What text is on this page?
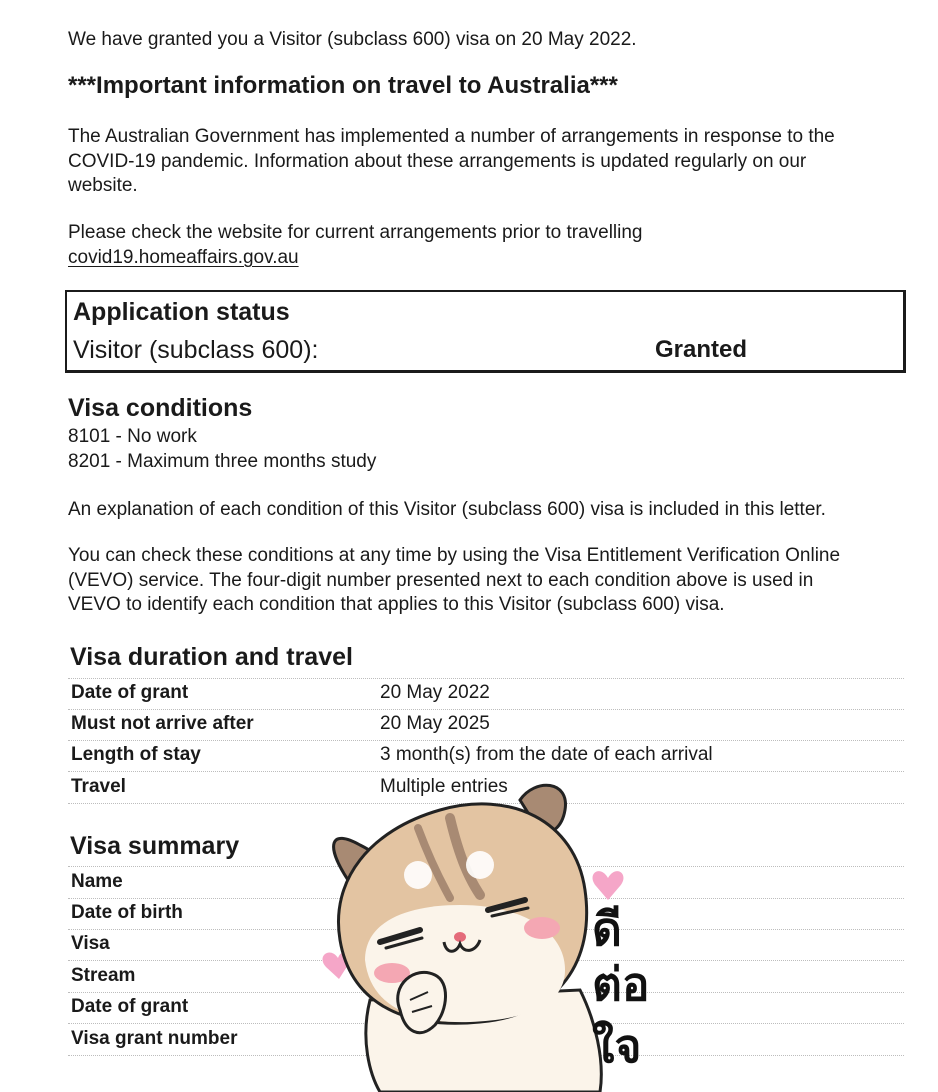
We have granted you a Visitor (subclass 600) visa on 20 May 2022.
***Important information on travel to Australia***
The Australian Government has implemented a number of arrangements in response to the
COVID-19 pandemic. Information about these arrangements is updated regularly on our
website.
Please check the website for current arrangements prior to travelling
covid19.homeaffairs.gov.au
Application status
Visitor (subclass 600):	Granted
Visa conditions
8101 - No work
8201 - Maximum three months study
An explanation of each condition of this Visitor (subclass 600) visa is included in this letter.
You can check these conditions at any time by using the Visa Entitlement Verification Online
(VEVO) service. The four-digit number presented next to each condition above is used in
VEVO to identify each condition that applies to this Visitor (subclass 600) visa.
Visa duration and travel
Date of grant	20 May 2022
Must not arrive after	20 May 2025
Length of stay	3 month(s) from the date of each arrival
Travel	Multiple entries
Visa summary
Name
Date of birth
Visa
Stream
Date of grant
Visa grant number
ดี
ต่อ
ใจ
